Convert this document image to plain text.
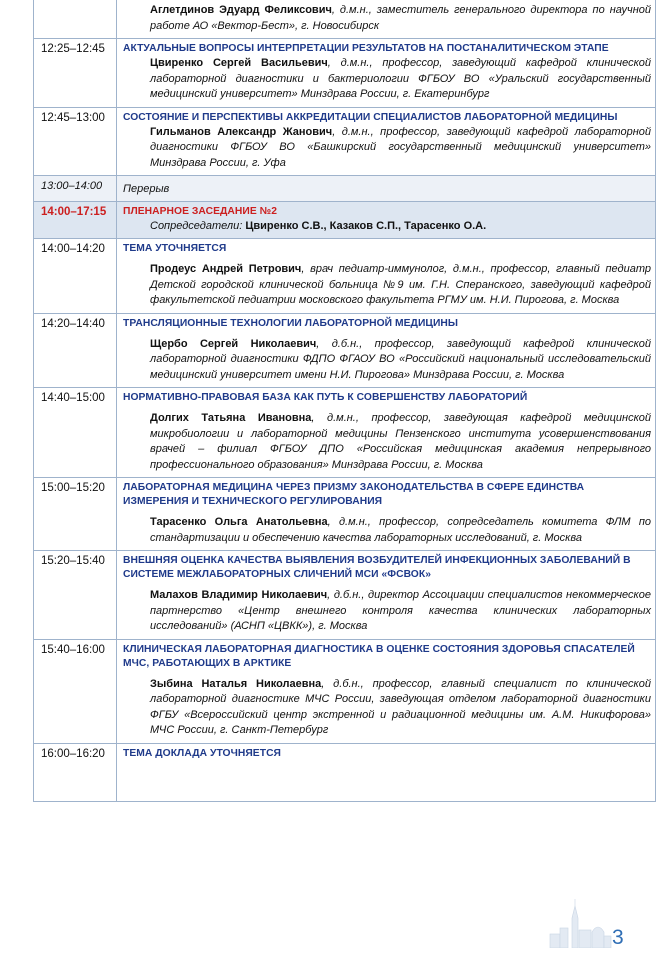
	Аглетдинов Эдуард Феликсович, д.м.н., заместитель генерального директора по научной работе АО «Вектор-Бест», г. Новосибирск

12:25–12:45	АКТУАЛЬНЫЕ ВОПРОСЫ ИНТЕРПРЕТАЦИИ РЕЗУЛЬТАТОВ НА ПОСТАНАЛИТИЧЕСКОМ ЭТАПЕ
Цвиренко Сергей Васильевич, д.м.н., профессор, заведующий кафедрой клинической лабораторной диагностики и бактериологии ФГБОУ ВО «Уральский государственный медицинский университет» Минздрава России, г. Екатеринбург

12:45–13:00	СОСТОЯНИЕ И ПЕРСПЕКТИВЫ АККРЕДИТАЦИИ СПЕЦИАЛИСТОВ ЛАБОРАТОРНОЙ МЕДИЦИНЫ
Гильманов Александр Жанович, д.м.н., профессор, заведующий кафедрой лабораторной диагностики ФГБОУ ВО «Башкирский государственный медицинский университет» Минздрава России, г. Уфа

13:00–14:00	Перерыв
14:00–17:15	ПЛЕНАРНОЕ ЗАСЕДАНИЕ №2
Сопредседатели: Цвиренко С.В., Казаков С.П., Тарасенко О.А.

14:00–14:20	ТЕМА УТОЧНЯЕТСЯ
Продеус Андрей Петрович, врач педиатр-иммунолог, д.м.н., профессор, главный педиатр Детской городской клинической больница №9 им. Г.Н. Сперанского, заведующий кафедрой факультетской педиатрии московского факультета РГМУ им. Н.И. Пирогова, г. Москва

14:20–14:40	ТРАНСЛЯЦИОННЫЕ ТЕХНОЛОГИИ ЛАБОРАТОРНОЙ МЕДИЦИНЫ
Щербо Сергей Николаевич, д.б.н., профессор, заведующий кафедрой клинической лабораторной диагностики ФДПО ФГАОУ ВО «Российский национальный исследовательский медицинский университет имени Н.И. Пирогова» Минздрава России, г. Москва

14:40–15:00	НОРМАТИВНО-ПРАВОВАЯ БАЗА КАК ПУТЬ К СОВЕРШЕНСТВУ ЛАБОРАТОРИЙ
Долгих Татьяна Ивановна, д.м.н., профессор, заведующая кафедрой медицинской микробиологии и лабораторной медицины Пензенского института усовершенствования врачей – филиал ФГБОУ ДПО «Российская медицинская академия непрерывного профессионального образования» Минздрава России, г. Москва

15:00–15:20	ЛАБОРАТОРНАЯ МЕДИЦИНА ЧЕРЕЗ ПРИЗМУ ЗАКОНОДАТЕЛЬСТВА В СФЕРЕ ЕДИНСТВА ИЗМЕРЕНИЯ И ТЕХНИЧЕСКОГО РЕГУЛИРОВАНИЯ
Тарасенко Ольга Анатольевна, д.м.н., профессор, сопредседатель комитета ФЛМ по стандартизации и обеспечению качества лабораторных исследований, г. Москва

15:20–15:40	ВНЕШНЯЯ ОЦЕНКА КАЧЕСТВА ВЫЯВЛЕНИЯ ВОЗБУДИТЕЛЕЙ ИНФЕКЦИОННЫХ ЗАБОЛЕВАНИЙ В СИСТЕМЕ МЕЖЛАБОРАТОРНЫХ СЛИЧЕНИЙ МСИ «ФСВОК»
Малахов Владимир Николаевич, д.б.н., директор Ассоциации специалистов некоммерческое партнерство «Центр внешнего контроля качества клинических лабораторных исследований» (АСНП «ЦВКК»), г. Москва

15:40–16:00	КЛИНИЧЕСКАЯ ЛАБОРАТОРНАЯ ДИАГНОСТИКА В ОЦЕНКЕ СОСТОЯНИЯ ЗДОРОВЬЯ СПАСАТЕЛЕЙ МЧС, РАБОТАЮЩИХ В АРКТИКЕ
Зыбина Наталья Николаевна, д.б.н., профессор, главный специалист по клинической лабораторной диагностике МЧС России, заведующая отделом лабораторной диагностики ФГБУ «Всероссийский центр экстренной и радиационной медицины им. А.М. Никифорова» МЧС России, г. Санкт-Петербург

16:00–16:20	ТЕМА ДОКЛАДА УТОЧНЯЕТСЯ
3
